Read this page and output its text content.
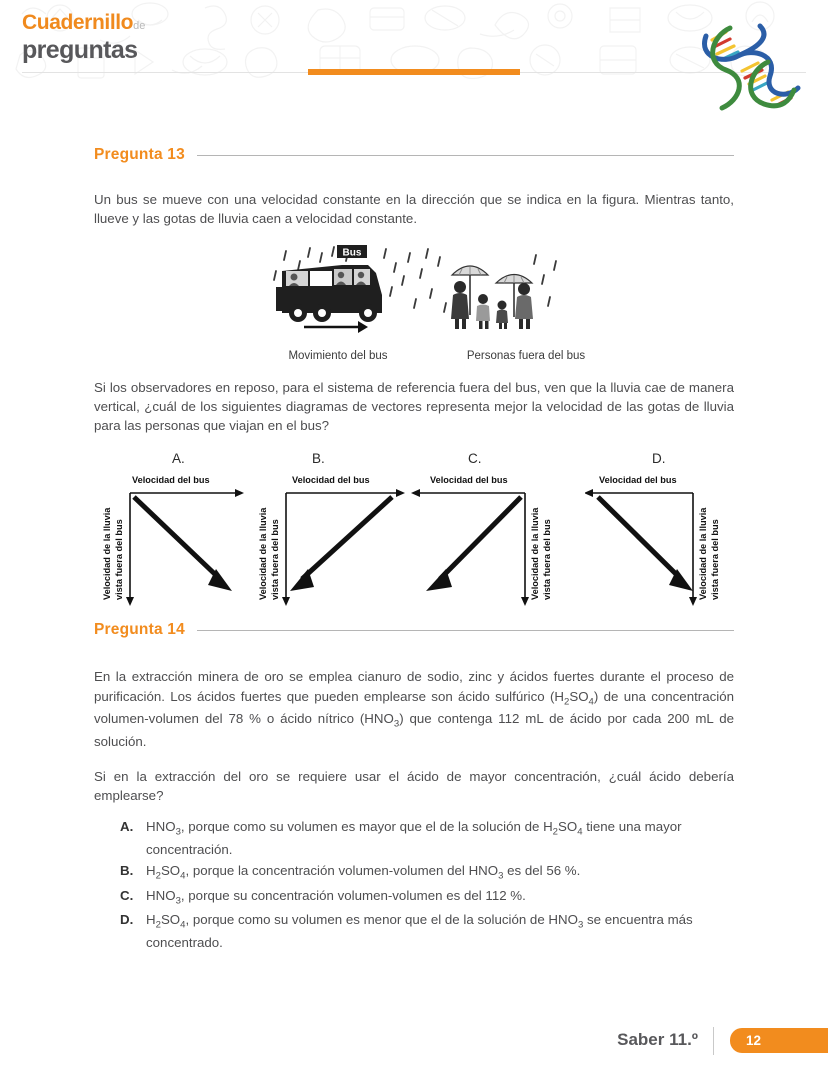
Cuadernillode
preguntas
Pregunta 13
Un bus se mueve con una velocidad constante en la dirección que se indica en la figura. Mientras tanto, llueve y las gotas de lluvia caen a velocidad constante.
Bus
Movimiento del bus	Personas fuera del bus
Si los observadores en reposo, para el sistema de referencia fuera del bus, ven que la lluvia cae de manera vertical, ¿cuál de los siguientes diagramas de vectores representa mejor la velocidad de las gotas de lluvia para las personas que viajan en el bus?
A.
Velocidad del bus
Velocidad de la lluvia vista fuera del bus
B.
Velocidad del bus
Velocidad de la lluvia vista fuera del bus
C.
Velocidad del bus
Velocidad de la lluvia vista fuera del bus
D.
Velocidad del bus
Velocidad de la lluvia vista fuera del bus
Pregunta 14
En la extracción minera de oro se emplea cianuro de sodio, zinc y ácidos fuertes durante el proceso de purificación. Los ácidos fuertes que pueden emplearse son ácido sulfúrico $(H_2SO_4)$ de una concentración volumen-volumen del 78 % o ácido nítrico $(HNO_3)$ que contenga 112 mL de ácido por cada 200 mL de solución.
Si en la extracción del oro se requiere usar el ácido de mayor concentración, ¿cuál ácido debería emplearse?
A. $HNO_3$, porque como su volumen es mayor que el de la solución de $H_2SO_4$ tiene una mayor concentración.
B. $H_2SO_4$, porque la concentración volumen-volumen del $HNO_3$ es del 56 %.
C. $HNO_3$, porque su concentración volumen-volumen es del 112 %.
D. $H_2SO_4$, porque como su volumen es menor que el de la solución de $HNO_3$ se encuentra más concentrado.
Saber 11.º	12
